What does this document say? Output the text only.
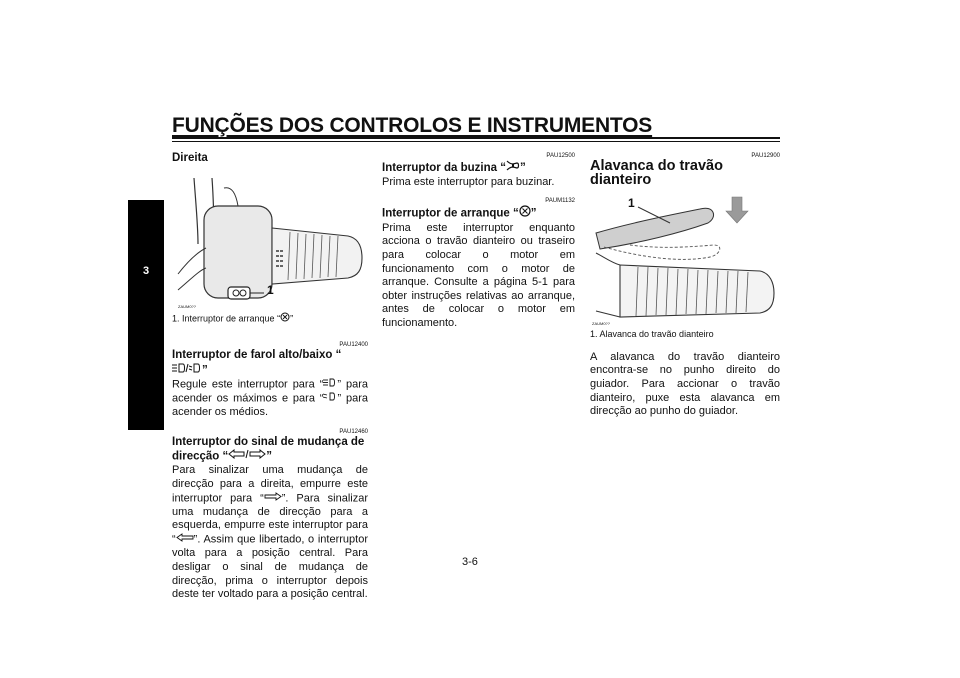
FUNÇÕES DOS CONTROLOS E INSTRUMENTOS
3
Direita
1
ZAUM0??
1. Interruptor de arranque “ ”
PAU12400
Interruptor de farol alto/baixo “”

Regule este interruptor para “ ” para acender os máximos e para “ ” para acender os médios.

PAU12460
Interruptor do sinal de mudança de direcção “	”

Para sinalizar uma mudança de direcção para a direita, empurre este interruptor para “ ”. Para sinalizar uma mudança de direcção para a esquerda, empurre este interruptor para “ ”. Assim que libertado, o interruptor volta para a posição central. Para desligar o sinal de mudança de direcção, prima o interruptor depois deste ter voltado para a posição central.

PAU12500
Interruptor da buzina “ ”

Prima este interruptor para buzinar.

PAUM1132
Interruptor de arranque “ ”

Prima este interruptor enquanto acciona o travão dianteiro ou traseiro para colocar o motor em funcionamento com o motor de arranque. Consulte a página 5-1 para obter instruções relativas ao arranque, antes de colocar o motor em funcionamento.

PAU12900
Alavanca do travão dianteiro
1
ZAUM0??
1. Alavanca do travão dianteiro

A alavanca do travão dianteiro encontra-se no punho direito do guiador. Para accionar o travão dianteiro, puxe esta alavanca em direcção ao punho do guiador.

3-6
